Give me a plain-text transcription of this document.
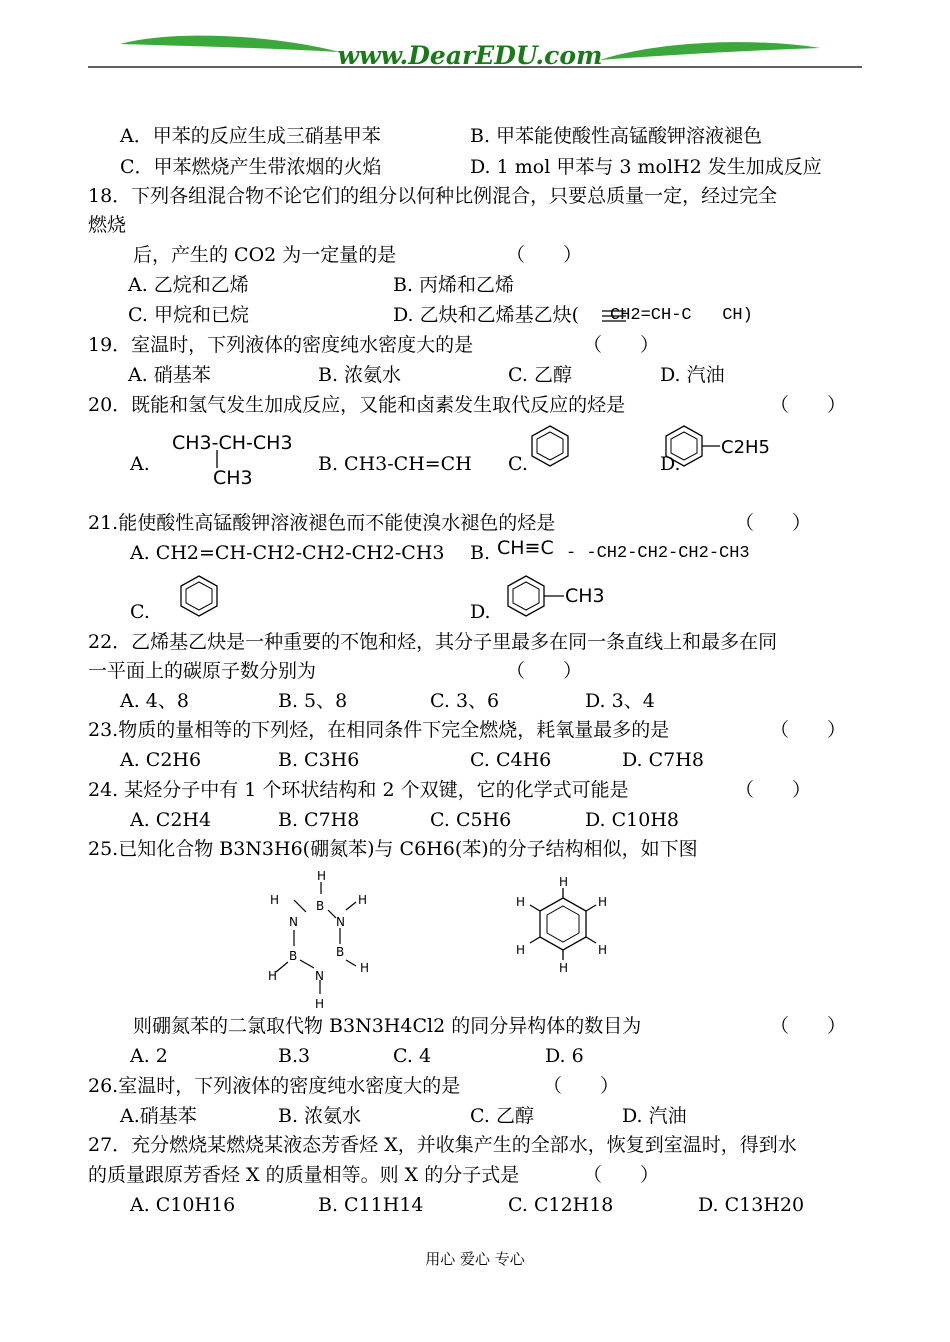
www.DearEDU.com
A．甲苯的反应生成三硝基甲苯	B. 甲苯能使酸性高锰酸钾溶液褪色
C．甲苯燃烧产生带浓烟的火焰	D. 1 mol 甲苯与 3 molH2 发生加成反应
18．下列各组混合物不论它们的组分以何种比例混合，只要总质量一定，经过完全
燃烧
后，产生的 CO2 为一定量的是	（　　）
A. 乙烷和乙烯	B. 丙烯和乙烯
C. 甲烷和已烷	D. 乙炔和乙烯基乙炔( CH2=CH-C   CH)
19．室温时，下列液体的密度纯水密度大的是	（　　）
A. 硝基苯	B. 浓氨水	C. 乙醇	D. 汽油
20．既能和氢气发生加成反应，又能和卤素发生取代反应的烃是	（　　）
A.
CH3-CH-CH3
CH3
B. CH3-CH=CH C.	D.
C2H5
21.能使酸性高锰酸钾溶液褪色而不能使溴水褪色的烃是	（　　）
A. CH2=CH-CH2-CH2-CH2-CH3 B. CH≡C - -CH2-CH2-CH2-CH3
C.	D.
CH3
22．乙烯基乙炔是一种重要的不饱和烃，其分子里最多在同一条直线上和最多在同
一平面上的碳原子数分别为	（　　）
A. 4、8	B. 5、8	C. 3、6	D. 3、4
23.物质的量相等的下列烃，在相同条件下完全燃烧，耗氧量最多的是	（　　）
A. C2H6	B. C3H6	C. C4H6	D. C7H8
24. 某烃分子中有 1 个环状结构和 2 个双键，它的化学式可能是	（　　）
A. C2H4	B. C7H8	C. C5H6	D. C10H8
25.已知化合物 B3N3H6(硼氮苯)与 C6H6(苯)的分子结构相似，如下图
H
B
H
N	N
H
B	B
H	N
H
H
H
H
H
H
H
H
则硼氮苯的二氯取代物 B3N3H4Cl2 的同分异构体的数目为	（　　）
A. 2	B.3	C. 4	D. 6
26.室温时，下列液体的密度纯水密度大的是	（　　）
A.硝基苯	B. 浓氨水	C. 乙醇	D. 汽油
27．充分燃烧某燃烧某液态芳香烃 X，并收集产生的全部水，恢复到室温时，得到水
的质量跟原芳香烃 X 的质量相等。则 X 的分子式是	（　　）
A. C10H16	B. C11H14	C. C12H18	D. C13H20
用心 爱心 专心
